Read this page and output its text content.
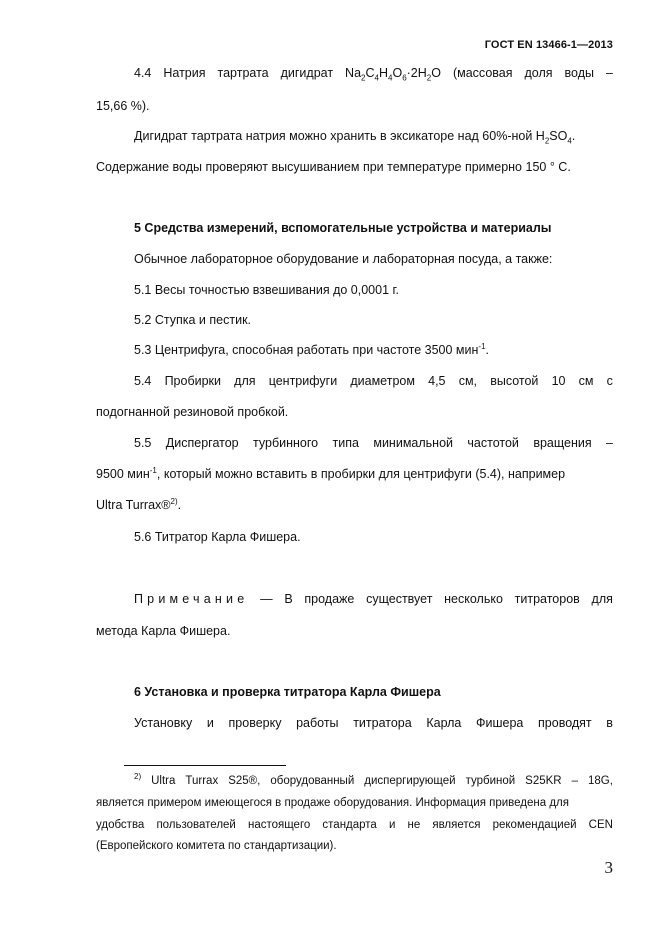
ГОСТ EN 13466-1—2013
4.4 Натрия тартрата дигидрат $Na_2C_4H_4O_6\cdot 2H_2O$ (массовая доля воды –
15,66 %).
Дигидрат тартрата натрия можно хранить в эксикаторе над 60%-ной $H_2SO_4$.
Содержание воды проверяют высушиванием при температуре примерно 150 ° С.
5 Средства измерений, вспомогательные устройства и материалы
Обычное лабораторное оборудование и лабораторная посуда, а также:
5.1 Весы точностью взвешивания до 0,0001 г.
5.2 Ступка и пестик.
5.3 Центрифуга, способная работать при частоте 3500 мин$^{-1}$.
5.4 Пробирки для центрифуги диаметром 4,5 см, высотой 10 см с
подогнанной резиновой пробкой.
5.5 Диспергатор турбинного типа минимальной частотой вращения –
9500 мин$^{-1}$, который можно вставить в пробирки для центрифуги (5.4), например
Ultra Turrax®$^{2)}$.
5.6 Титратор Карла Фишера.
Примечание — В продаже существует несколько титраторов для
метода Карла Фишера.
6 Установка и проверка титратора Карла Фишера
Установку и проверку работы титратора Карла Фишера проводят в
$^{2)}$ Ultra Turrax S25®, оборудованный диспергирующей турбиной S25KR – 18G,
является примером имеющегося в продаже оборудования. Информация приведена для
удобства пользователей настоящего стандарта и не является рекомендацией CEN
(Европейского комитета по стандартизации).
3
